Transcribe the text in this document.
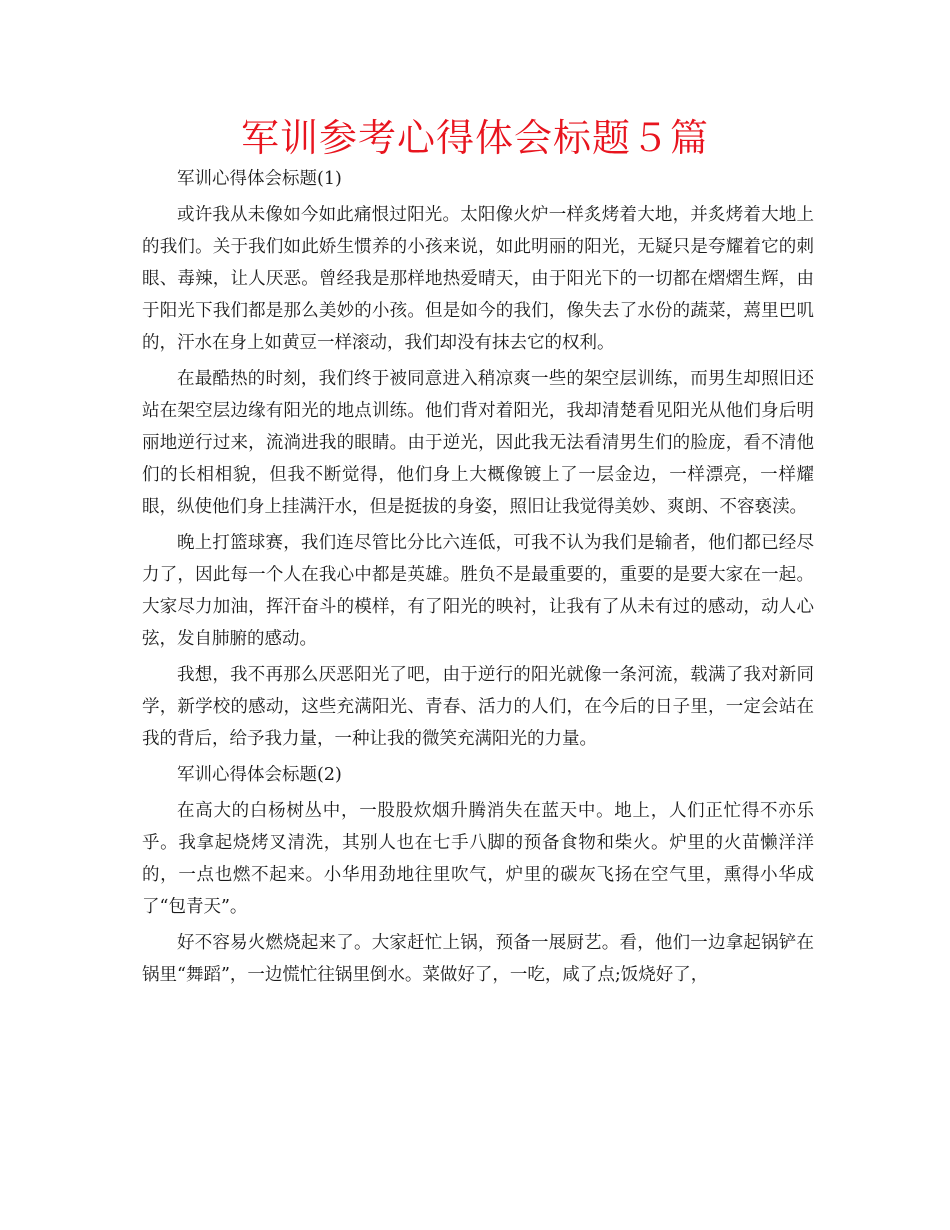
军训参考心得体会标题５篇

军训心得体会标题(1)

或许我从未像如今如此痛恨过阳光。太阳像火炉一样炙烤着大地，并炙烤着大地上的我们。关于我们如此娇生惯养的小孩来说，如此明丽的阳光，无疑只是夸耀着它的刺眼、毒辣，让人厌恶。曾经我是那样地热爱晴天，由于阳光下的一切都在熠熠生辉，由于阳光下我们都是那么美妙的小孩。但是如今的我们，像失去了水份的蔬菜，蔫里巴叽的，汗水在身上如黄豆一样滚动，我们却没有抹去它的权利。

在最酷热的时刻，我们终于被同意进入稍凉爽一些的架空层训练，而男生却照旧还站在架空层边缘有阳光的地点训练。他们背对着阳光，我却清楚看见阳光从他们身后明丽地逆行过来，流淌进我的眼睛。由于逆光，因此我无法看清男生们的脸庞，看不清他们的长相相貌，但我不断觉得，他们身上大概像镀上了一层金边，一样漂亮，一样耀眼，纵使他们身上挂满汗水，但是挺拔的身姿，照旧让我觉得美妙、爽朗、不容亵渎。

晚上打篮球赛，我们连尽管比分比六连低，可我不认为我们是输者，他们都已经尽力了，因此每一个人在我心中都是英雄。胜负不是最重要的，重要的是要大家在一起。大家尽力加油，挥汗奋斗的模样，有了阳光的映衬，让我有了从未有过的感动，动人心弦，发自肺腑的感动。

我想，我不再那么厌恶阳光了吧，由于逆行的阳光就像一条河流，载满了我对新同学，新学校的感动，这些充满阳光、青春、活力的人们，在今后的日子里，一定会站在我的背后，给予我力量，一种让我的微笑充满阳光的力量。

军训心得体会标题(2)

在高大的白杨树丛中，一股股炊烟升腾消失在蓝天中。地上，人们正忙得不亦乐乎。我拿起烧烤叉清洗，其别人也在七手八脚的预备食物和柴火。炉里的火苗懒洋洋的，一点也燃不起来。小华用劲地往里吹气，炉里的碳灰飞扬在空气里，熏得小华成了“包青天”。

好不容易火燃烧起来了。大家赶忙上锅，预备一展厨艺。看，他们一边拿起锅铲在锅里“舞蹈”，一边慌忙往锅里倒水。菜做好了，一吃，咸了点;饭烧好了，
